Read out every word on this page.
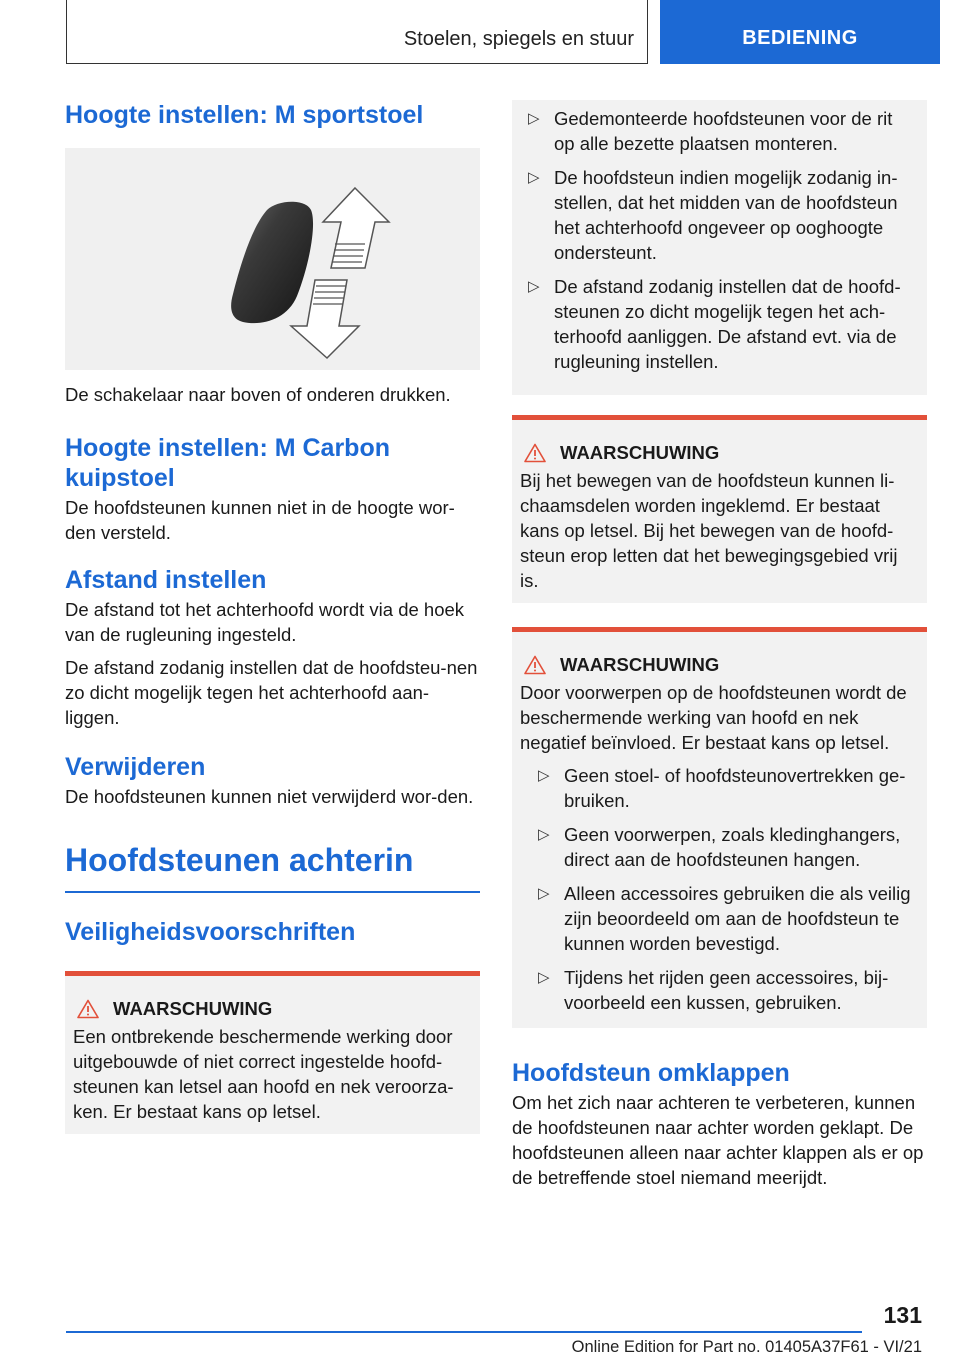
Stoelen, spiegels en stuur	BEDIENING
Hoogte instellen: M sportstoel

De schakelaar naar boven of onderen drukken.

Hoogte instellen: M Carbon kuipstoel

De hoofdsteunen kunnen niet in de hoogte wor-den versteld.

Afstand instellen

De afstand tot het achterhoofd wordt via de hoek van de rugleuning ingesteld.

De afstand zodanig instellen dat de hoofdsteu-nen zo dicht mogelijk tegen het achterhoofd aan-liggen.

Verwijderen

De hoofdsteunen kunnen niet verwijderd wor-den.

Hoofdsteunen achterin
Veiligheidsvoorschriften
WAARSCHUWING

Een ontbrekende beschermende werking door uitgebouwde of niet correct ingestelde hoofd-steunen kan letsel aan hoofd en nek veroorza-ken. Er bestaat kans op letsel.

▷ Gedemonteerde hoofdsteunen voor de rit op alle bezette plaatsen monteren.
▷ De hoofdsteun indien mogelijk zodanig in-stellen, dat het midden van de hoofdsteun het achterhoofd ongeveer op ooghoogte ondersteunt.
▷ De afstand zodanig instellen dat de hoofd-steunen zo dicht mogelijk tegen het ach-terhoofd aanliggen. De afstand evt. via de rugleuning instellen.
WAARSCHUWING

Bij het bewegen van de hoofdsteun kunnen li-chaamsdelen worden ingeklemd. Er bestaat kans op letsel. Bij het bewegen van de hoofd-steun erop letten dat het bewegingsgebied vrij is.

WAARSCHUWING

Door voorwerpen op de hoofdsteunen wordt de beschermende werking van hoofd en nek negatief beïnvloed. Er bestaat kans op letsel.

▷ Geen stoel- of hoofdsteunovertrekken ge-bruiken.
▷ Geen voorwerpen, zoals kledinghangers, direct aan de hoofdsteunen hangen.
▷ Alleen accessoires gebruiken die als veilig zijn beoordeeld om aan de hoofdsteun te kunnen worden bevestigd.
▷ Tijdens het rijden geen accessoires, bij-voorbeeld een kussen, gebruiken.
Hoofdsteun omklappen

Om het zich naar achteren te verbeteren, kunnen de hoofdsteunen naar achter worden geklapt. De hoofdsteunen alleen naar achter klappen als er op de betreffende stoel niemand meerijdt.

131
Online Edition for Part no. 01405A37F61 - VI/21
